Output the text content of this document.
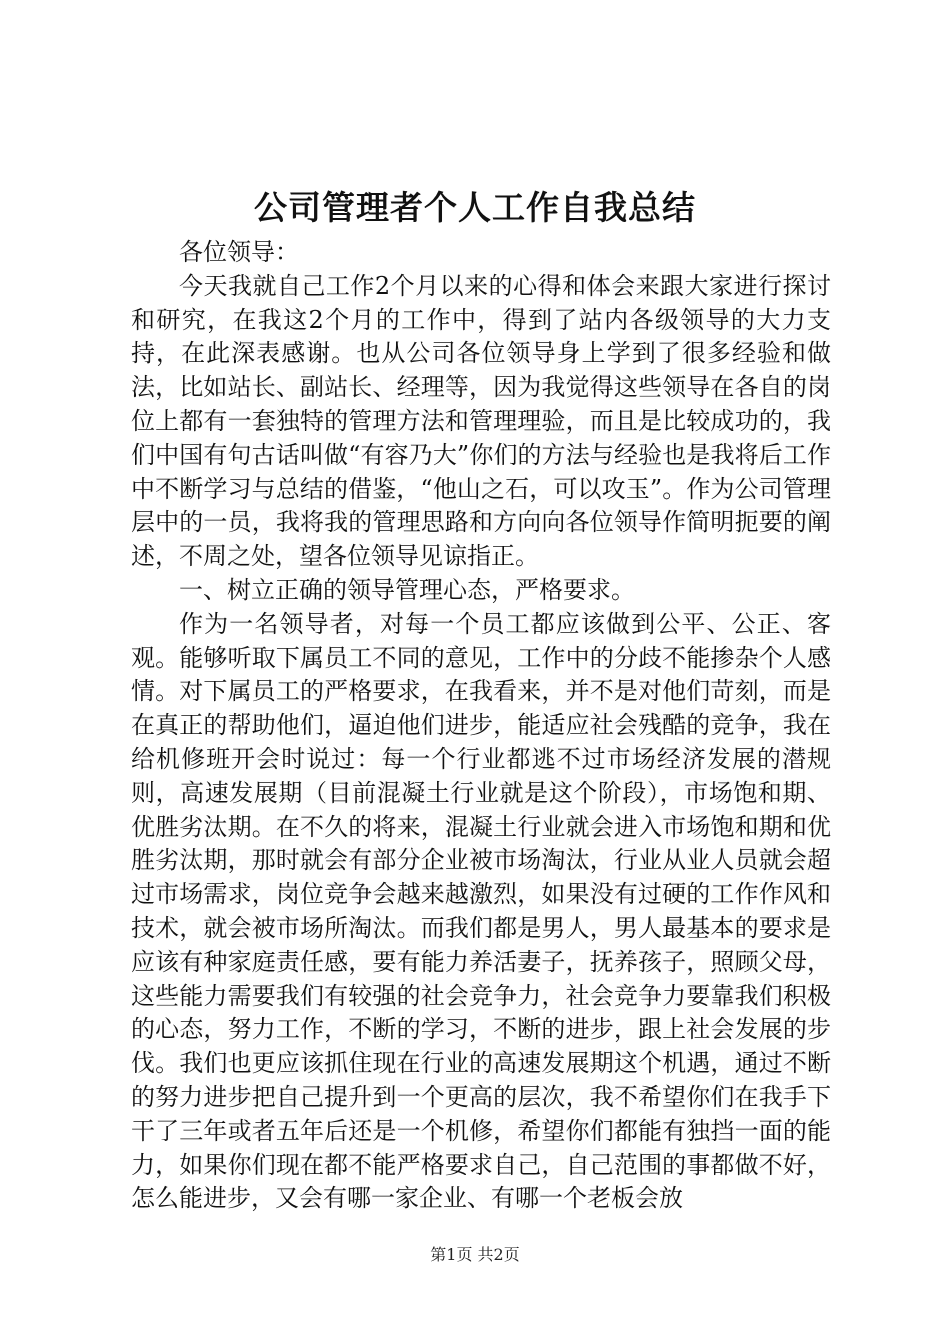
公司管理者个人工作自我总结

各位领导：

今天我就自己工作2个月以来的心得和体会来跟大家进行探讨和研究，在我这2个月的工作中，得到了站内各级领导的大力支持，在此深表感谢。也从公司各位领导身上学到了很多经验和做法，比如站长、副站长、经理等，因为我觉得这些领导在各自的岗位上都有一套独特的管理方法和管理理验，而且是比较成功的，我们中国有句古话叫做“有容乃大”你们的方法与经验也是我将后工作中不断学习与总结的借鉴，“他山之石，可以攻玉”。作为公司管理层中的一员，我将我的管理思路和方向向各位领导作简明扼要的阐述，不周之处，望各位领导见谅指正。

一、树立正确的领导管理心态，严格要求。

作为一名领导者，对每一个员工都应该做到公平、公正、客观。能够听取下属员工不同的意见，工作中的分歧不能掺杂个人感情。对下属员工的严格要求，在我看来，并不是对他们苛刻，而是在真正的帮助他们，逼迫他们进步，能适应社会残酷的竞争，我在给机修班开会时说过：每一个行业都逃不过市场经济发展的潜规则，高速发展期（目前混凝土行业就是这个阶段），市场饱和期、优胜劣汰期。在不久的将来，混凝土行业就会进入市场饱和期和优胜劣汰期，那时就会有部分企业被市场淘汰，行业从业人员就会超过市场需求，岗位竞争会越来越激烈，如果没有过硬的工作作风和技术，就会被市场所淘汰。而我们都是男人，男人最基本的要求是应该有种家庭责任感，要有能力养活妻子，抚养孩子，照顾父母，这些能力需要我们有较强的社会竞争力，社会竞争力要靠我们积极的心态，努力工作，不断的学习，不断的进步，跟上社会发展的步伐。我们也更应该抓住现在行业的高速发展期这个机遇，通过不断的努力进步把自己提升到一个更高的层次，我不希望你们在我手下干了三年或者五年后还是一个机修，希望你们都能有独挡一面的能力，如果你们现在都不能严格要求自己，自己范围的事都做不好，怎么能进步，又会有哪一家企业、有哪一个老板会放

第1页 共2页
